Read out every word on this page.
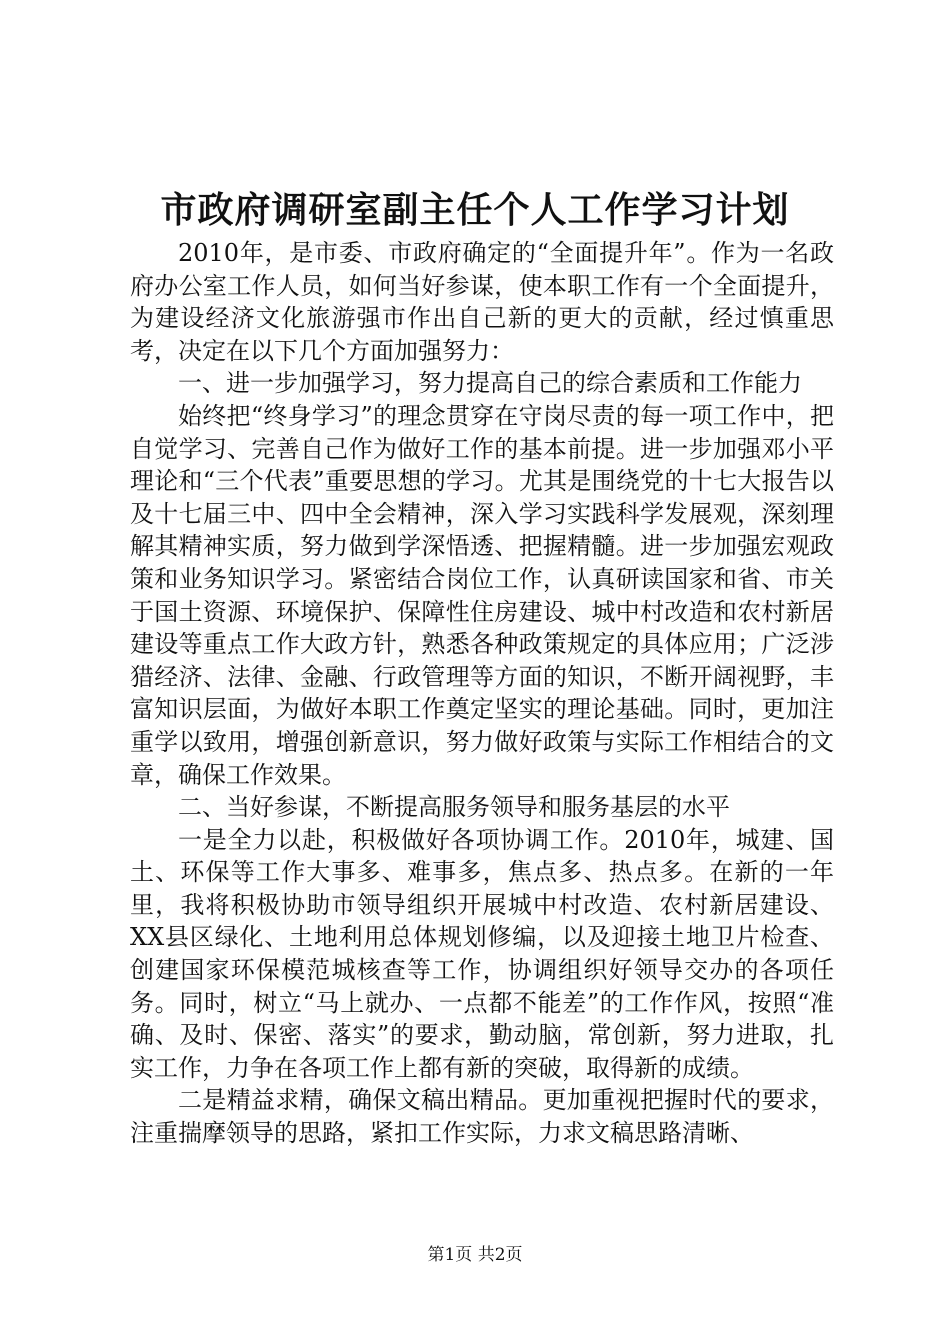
市政府调研室副主任个人工作学习计划

2010年，是市委、市政府确定的“全面提升年”。作为一名政府办公室工作人员，如何当好参谋，使本职工作有一个全面提升，为建设经济文化旅游强市作出自己新的更大的贡献，经过慎重思考，决定在以下几个方面加强努力：

一、进一步加强学习，努力提高自己的综合素质和工作能力

始终把“终身学习”的理念贯穿在守岗尽责的每一项工作中，把自觉学习、完善自己作为做好工作的基本前提。进一步加强邓小平理论和“三个代表”重要思想的学习。尤其是围绕党的十七大报告以及十七届三中、四中全会精神，深入学习实践科学发展观，深刻理解其精神实质，努力做到学深悟透、把握精髓。进一步加强宏观政策和业务知识学习。紧密结合岗位工作，认真研读国家和省、市关于国土资源、环境保护、保障性住房建设、城中村改造和农村新居建设等重点工作大政方针，熟悉各种政策规定的具体应用；广泛涉猎经济、法律、金融、行政管理等方面的知识，不断开阔视野，丰富知识层面，为做好本职工作奠定坚实的理论基础。同时，更加注重学以致用，增强创新意识，努力做好政策与实际工作相结合的文章，确保工作效果。

二、当好参谋，不断提高服务领导和服务基层的水平

一是全力以赴，积极做好各项协调工作。2010年，城建、国土、环保等工作大事多、难事多，焦点多、热点多。在新的一年里，我将积极协助市领导组织开展城中村改造、农村新居建设、XX县区绿化、土地利用总体规划修编，以及迎接土地卫片检查、创建国家环保模范城核查等工作，协调组织好领导交办的各项任务。同时，树立“马上就办、一点都不能差”的工作作风，按照“准确、及时、保密、落实”的要求，勤动脑，常创新，努力进取，扎实工作，力争在各项工作上都有新的突破，取得新的成绩。

二是精益求精，确保文稿出精品。更加重视把握时代的要求，注重揣摩领导的思路，紧扣工作实际，力求文稿思路清晰、

第1页 共2页
